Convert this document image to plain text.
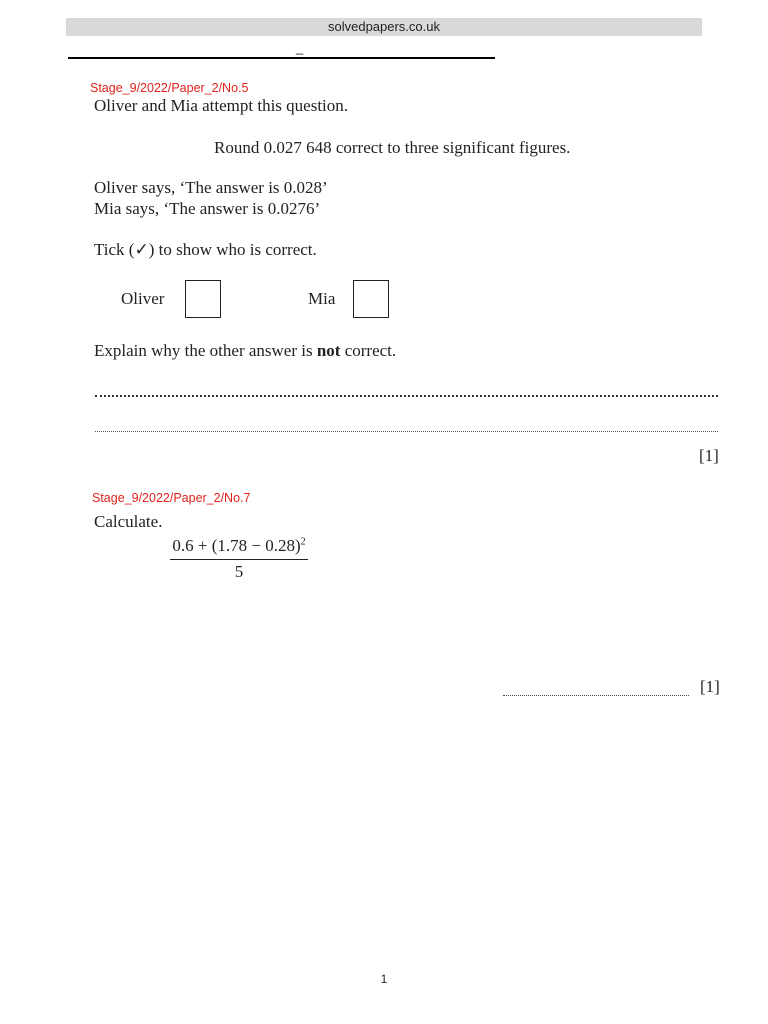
solvedpapers.co.uk
_
Stage_9/2022/Paper_2/No.5
Oliver and Mia attempt this question.
Round 0.027 648 correct to three significant figures.
Oliver says, ‘The answer is 0.028’
Mia says, ‘The answer is 0.0276’
Tick (✓) to show who is correct.
Oliver	Mia
Explain why the other answer is not correct.
[1]
Stage_9/2022/Paper_2/No.7
Calculate.
$\frac{0.6 + (1.78 - 0.28)^2}{5}$
[1]
1
